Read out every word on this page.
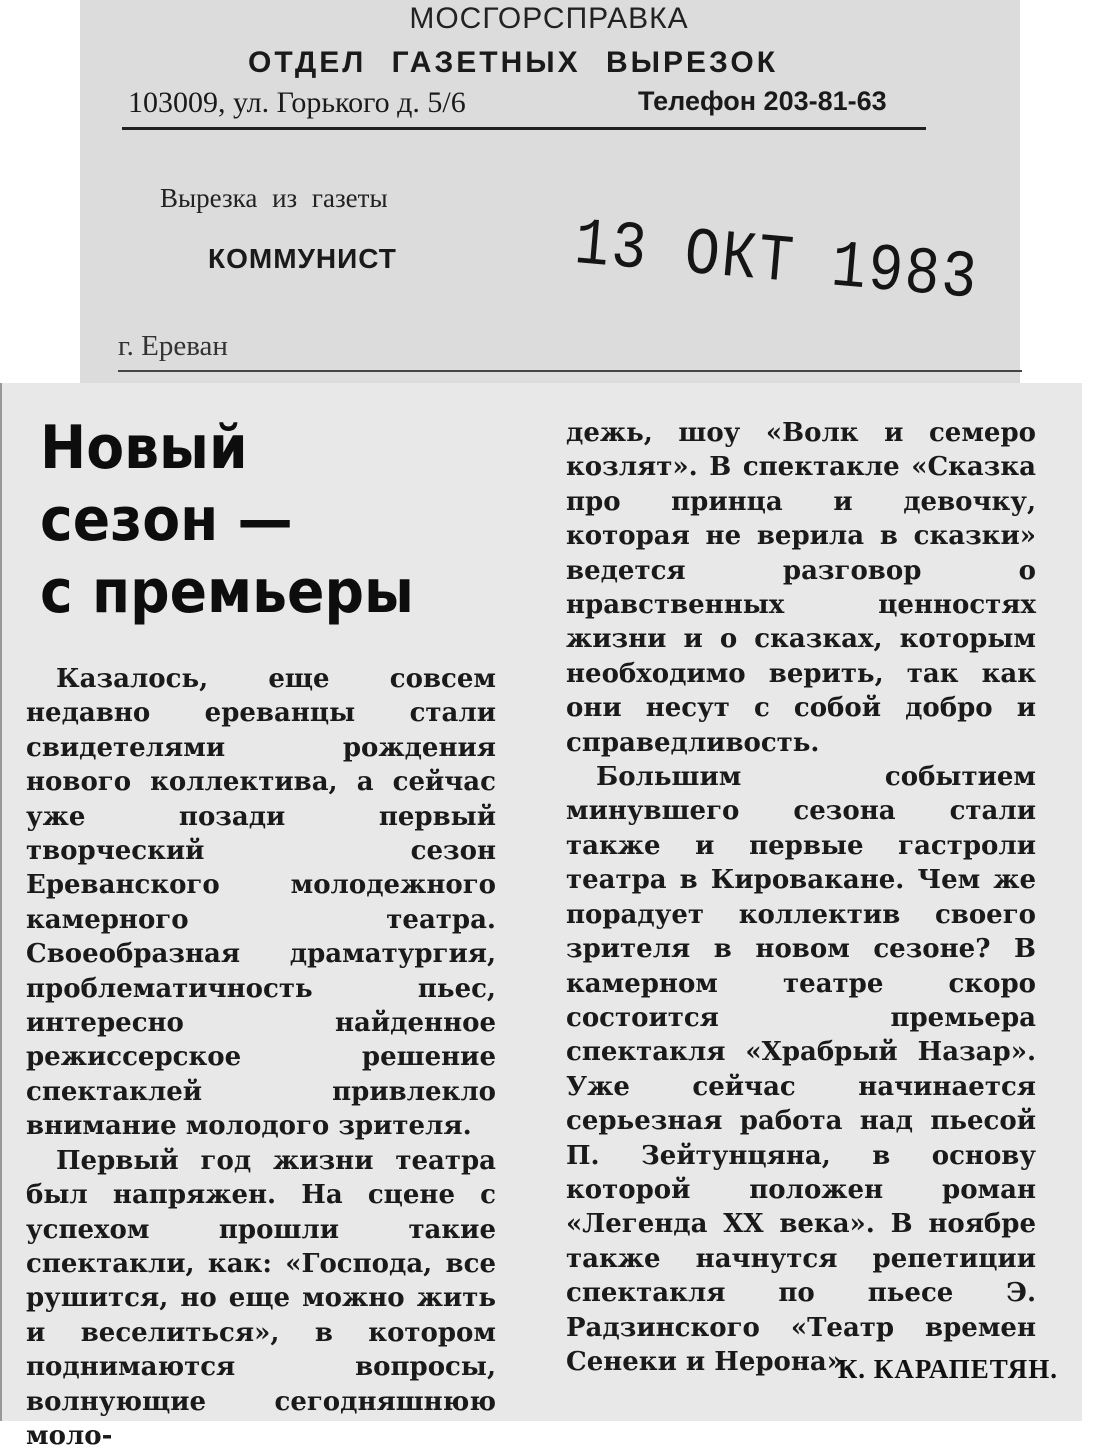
МОСГОРСПРАВКА
ОТДЕЛ ГАЗЕТНЫХ ВЫРЕЗОК
103009, ул. Горького д. 5/6	Телефон 203-81-63
Вырезка из газеты
КОММУНИСТ	13 ОКТ 1983
г. Ереван
Новый
сезон —
с премьеры

Казалось, еще совсем недавно ереванцы стали свидетелями рождения нового коллектива, а сейчас уже позади первый творческий сезон Ереванского молодежного камерного театра. Своеобразная драматургия, проблематичность пьес, интересно найденное режиссерское решение спектаклей привлекло внимание молодого зрителя.

Первый год жизни театра был напряжен. На сцене с успехом прошли такие спектакли, как: «Господа, все рушится, но еще можно жить и веселиться», в котором поднимаются вопросы, волнующие сегодняшнюю моло-

дежь, шоу «Волк и семеро козлят». В спектакле «Сказка про принца и девочку, которая не верила в сказки» ведется разговор о нравственных ценностях жизни и о сказках, которым необходимо верить, так как они несут с собой добро и справедливость.

Большим событием минувшего сезона стали также и первые гастроли театра в Кировакане. Чем же порадует коллектив своего зрителя в новом сезоне? В камерном театре скоро состоится премьера спектакля «Храбрый Назар». Уже сейчас начинается серьезная работа над пьесой П. Зейтунцяна, в основу которой положен роман «Легенда XX века». В ноябре также начнутся репетиции спектакля по пьесе Э. Радзинского «Театр времен Сенеки и Нерона».

К. КАРАПЕТЯН.
